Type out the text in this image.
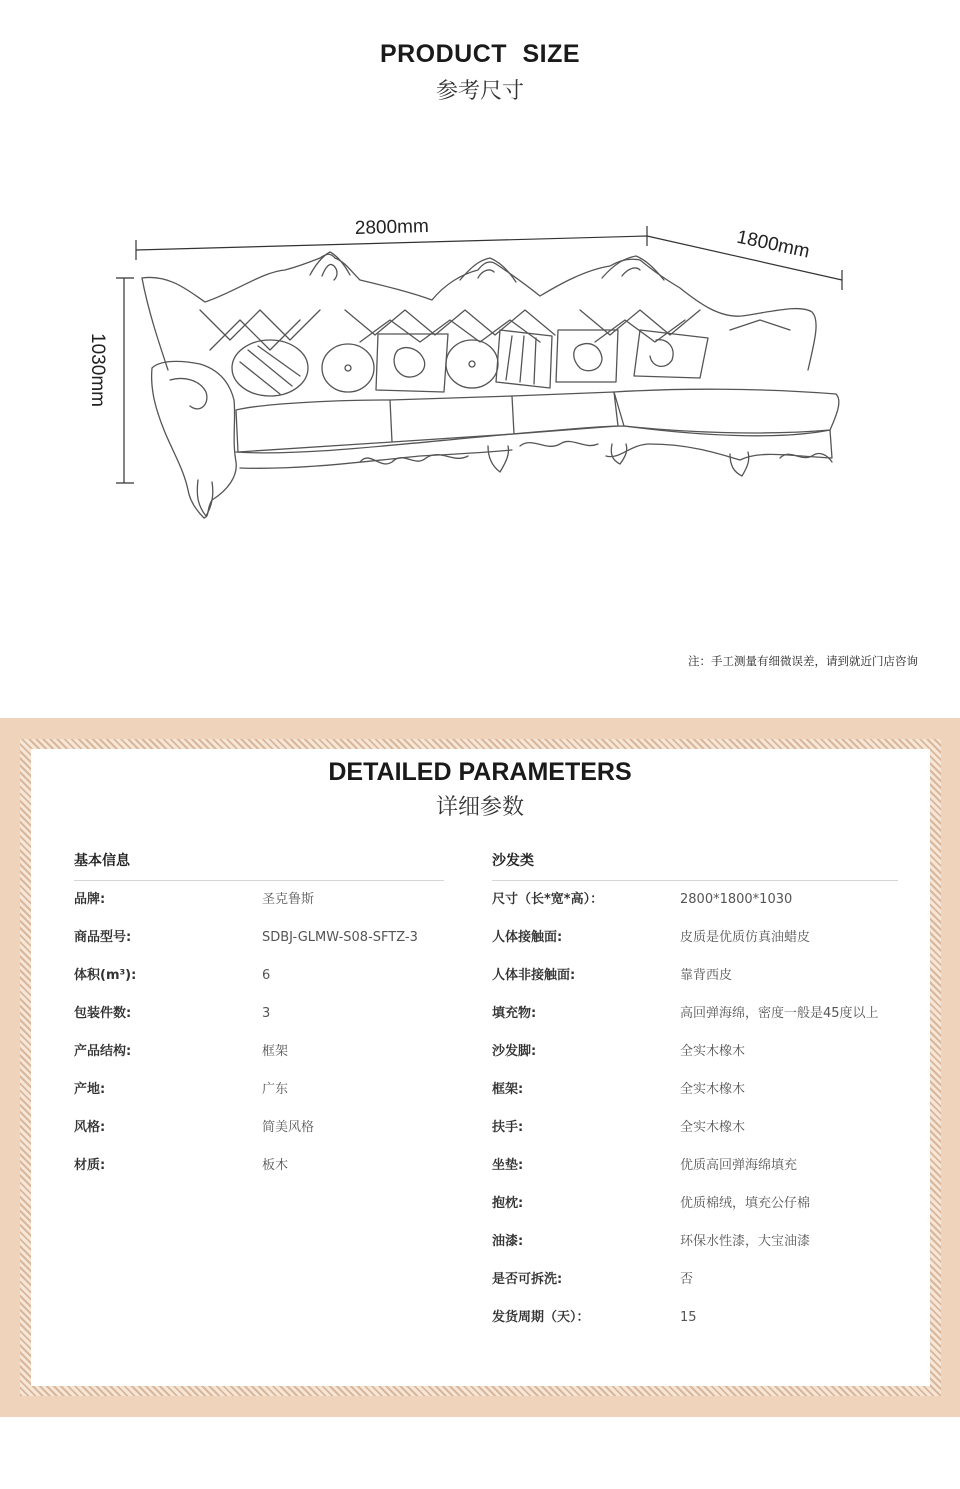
PRODUCT SIZE
参考尺寸
2800mm	1800mm
1030mm
注：手工测量有细微误差，请到就近门店咨询
DETAILED PARAMETERS
详细参数
基本信息
品牌:	圣克鲁斯
商品型号:	SDBJ-GLMW-S08-SFTZ-3
体积(m³):	6
包装件数:	3
产品结构:	框架
产地:	广东
风格:	简美风格
材质:	板木
沙发类
尺寸（长*宽*高）：	2800*1800*1030
人体接触面:	皮质是优质仿真油蜡皮
人体非接触面:	靠背西皮
填充物:	高回弹海绵，密度一般是45度以上
沙发脚:	全实木橡木
框架:	全实木橡木
扶手:	全实木橡木
坐垫:	优质高回弹海绵填充
抱枕:	优质棉绒，填充公仔棉
油漆:	环保水性漆，大宝油漆
是否可拆洗:	否
发货周期（天）：	15
